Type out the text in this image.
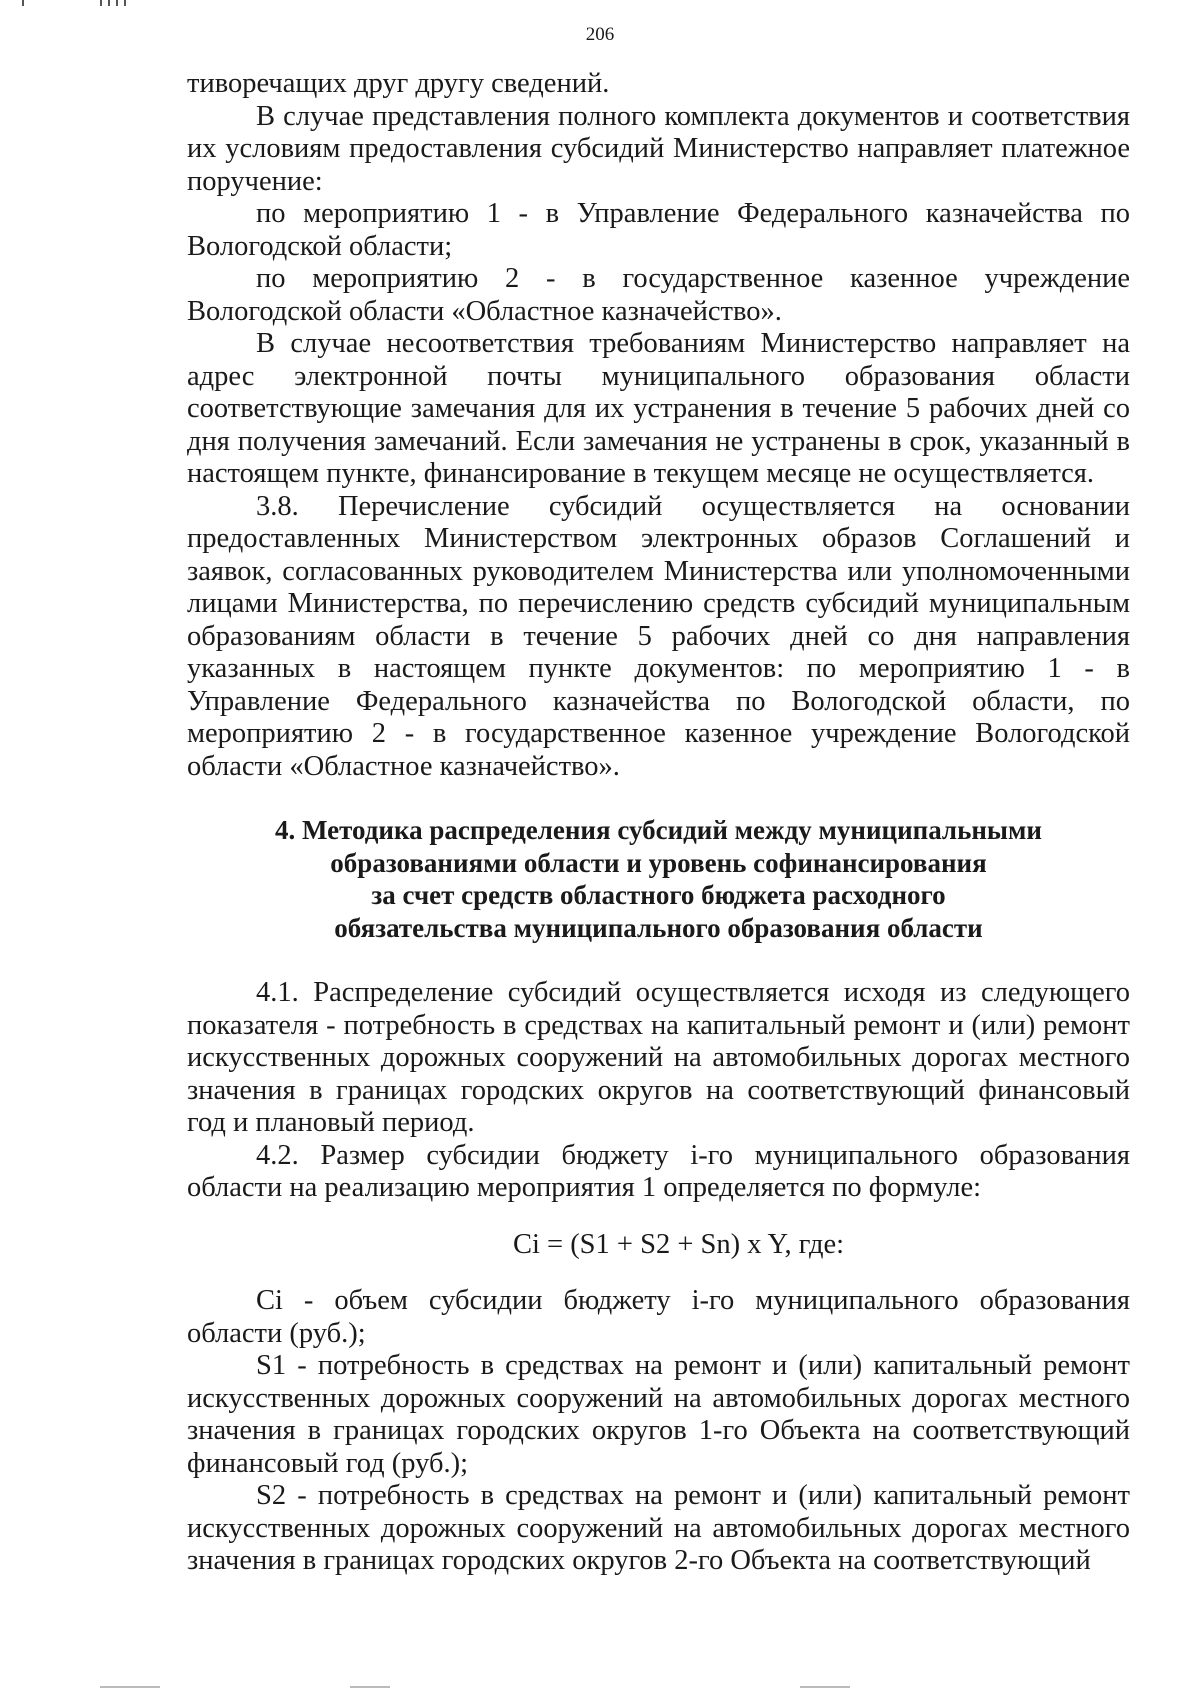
206

тиворечащих друг другу сведений.

В случае представления полного комплекта документов и соответствия их условиям предоставления субсидий Министерство направляет платежное поручение:

по мероприятию 1 - в Управление Федерального казначейства по Вологодской области;

по мероприятию 2 - в государственное казенное учреждение Вологодской области «Областное казначейство».

В случае несоответствия требованиям Министерство направляет на адрес электронной почты муниципального образования области соответствующие замечания для их устранения в течение 5 рабочих дней со дня получения замечаний. Если замечания не устранены в срок, указанный в настоящем пункте, финансирование в текущем месяце не осуществляется.

3.8. Перечисление субсидий осуществляется на основании предоставленных Министерством электронных образов Соглашений и заявок, согласованных руководителем Министерства или уполномоченными лицами Министерства, по перечислению средств субсидий муниципальным образованиям области в течение 5 рабочих дней со дня направления указанных в настоящем пункте документов: по мероприятию 1 - в Управление Федерального казначейства по Вологодской области, по мероприятию 2 - в государственное казенное учреждение Вологодской области «Областное казначейство».

4. Методика распределения субсидий между муниципальными
образованиями области и уровень софинансирования
за счет средств областного бюджета расходного
обязательства муниципального образования области

4.1. Распределение субсидий осуществляется исходя из следующего показателя - потребность в средствах на капитальный ремонт и (или) ремонт искусственных дорожных сооружений на автомобильных дорогах местного значения в границах городских округов на соответствующий финансовый год и плановый период.

4.2. Размер субсидии бюджету i-го муниципального образования области на реализацию мероприятия 1 определяется по формуле:

Ci = (S1 + S2 + Sn) x Y, где:

Ci - объем субсидии бюджету i-го муниципального образования области (руб.);

S1 - потребность в средствах на ремонт и (или) капитальный ремонт искусственных дорожных сооружений на автомобильных дорогах местного значения в границах городских округов 1-го Объекта на соответствующий финансовый год (руб.);

S2 - потребность в средствах на ремонт и (или) капитальный ремонт искусственных дорожных сооружений на автомобильных дорогах местного значения в границах городских округов 2-го Объекта на соответствующий
